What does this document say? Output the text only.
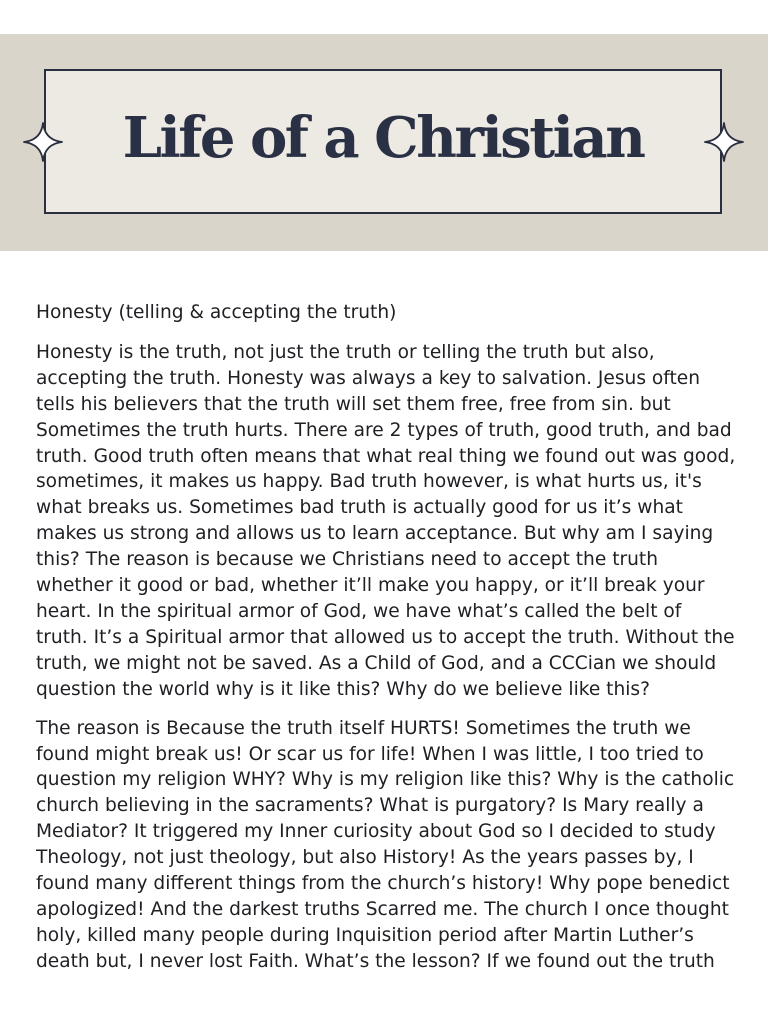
Life of a Christian

Honesty (telling & accepting the truth)

Honesty is the truth, not just the truth or telling the truth but also, accepting the truth. Honesty was always a key to salvation. Jesus often tells his believers that the truth will set them free, free from sin. but Sometimes the truth hurts. There are 2 types of truth, good truth, and bad truth. Good truth often means that what real thing we found out was good, sometimes, it makes us happy. Bad truth however, is what hurts us, it's what breaks us. Sometimes bad truth is actually good for us it’s what makes us strong and allows us to learn acceptance. But why am I saying this? The reason is because we Christians need to accept the truth whether it good or bad, whether it’ll make you happy, or it’ll break your heart. In the spiritual armor of God, we have what’s called the belt of truth. It’s a Spiritual armor that allowed us to accept the truth. Without the truth, we might not be saved. As a Child of God, and a CCCian we should question the world why is it like this? Why do we believe like this?

The reason is Because the truth itself HURTS! Sometimes the truth we found might break us! Or scar us for life! When I was little, I too tried to question my religion WHY? Why is my religion like this? Why is the catholic church believing in the sacraments? What is purgatory? Is Mary really a Mediator? It triggered my Inner curiosity about God so I decided to study Theology, not just theology, but also History! As the years passes by, I found many different things from the church’s history! Why pope benedict apologized! And the darkest truths Scarred me. The church I once thought holy, killed many people during Inquisition period after Martin Luther’s death but, I never lost Faith. What’s the lesson? If we found out the truth
